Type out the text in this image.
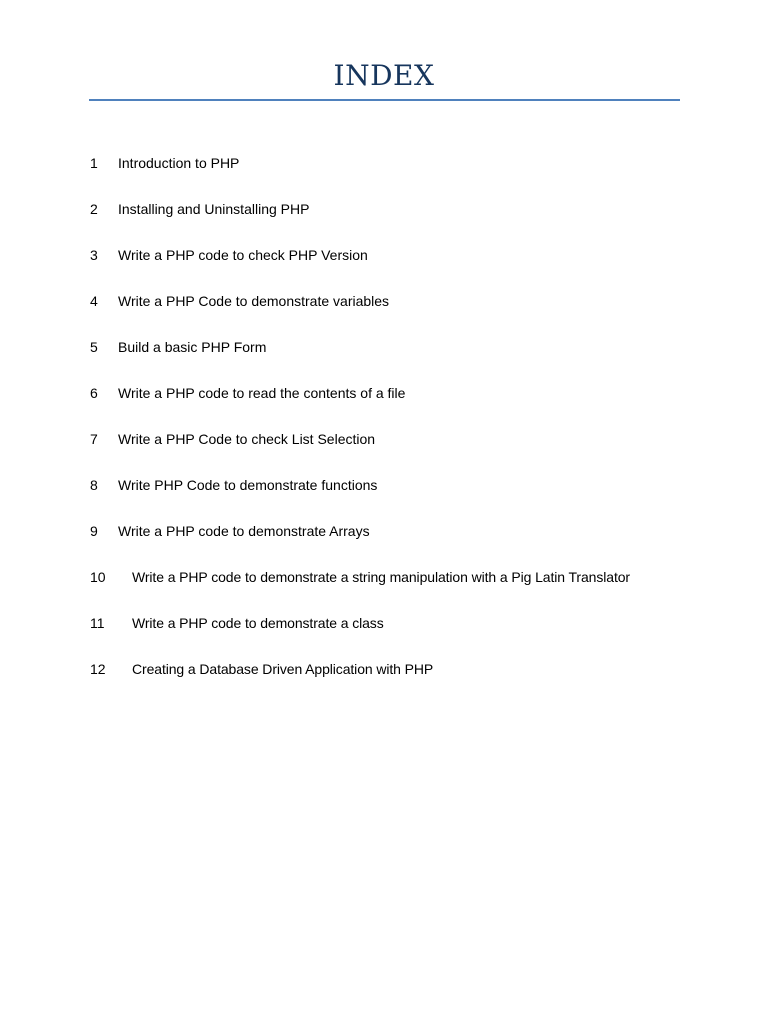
INDEX
1 Introduction to PHP
2 Installing and Uninstalling PHP
3 Write a PHP code to check PHP Version
4 Write a PHP Code to demonstrate variables
5 Build a basic PHP Form
6 Write a PHP code to read the contents of a file
7 Write a PHP Code to check List Selection
8 Write PHP Code to demonstrate functions
9 Write a PHP code to demonstrate Arrays
10 Write a PHP code to demonstrate a string manipulation with a Pig Latin Translator
11 Write a PHP code to demonstrate a class
12 Creating a Database Driven Application with PHP
